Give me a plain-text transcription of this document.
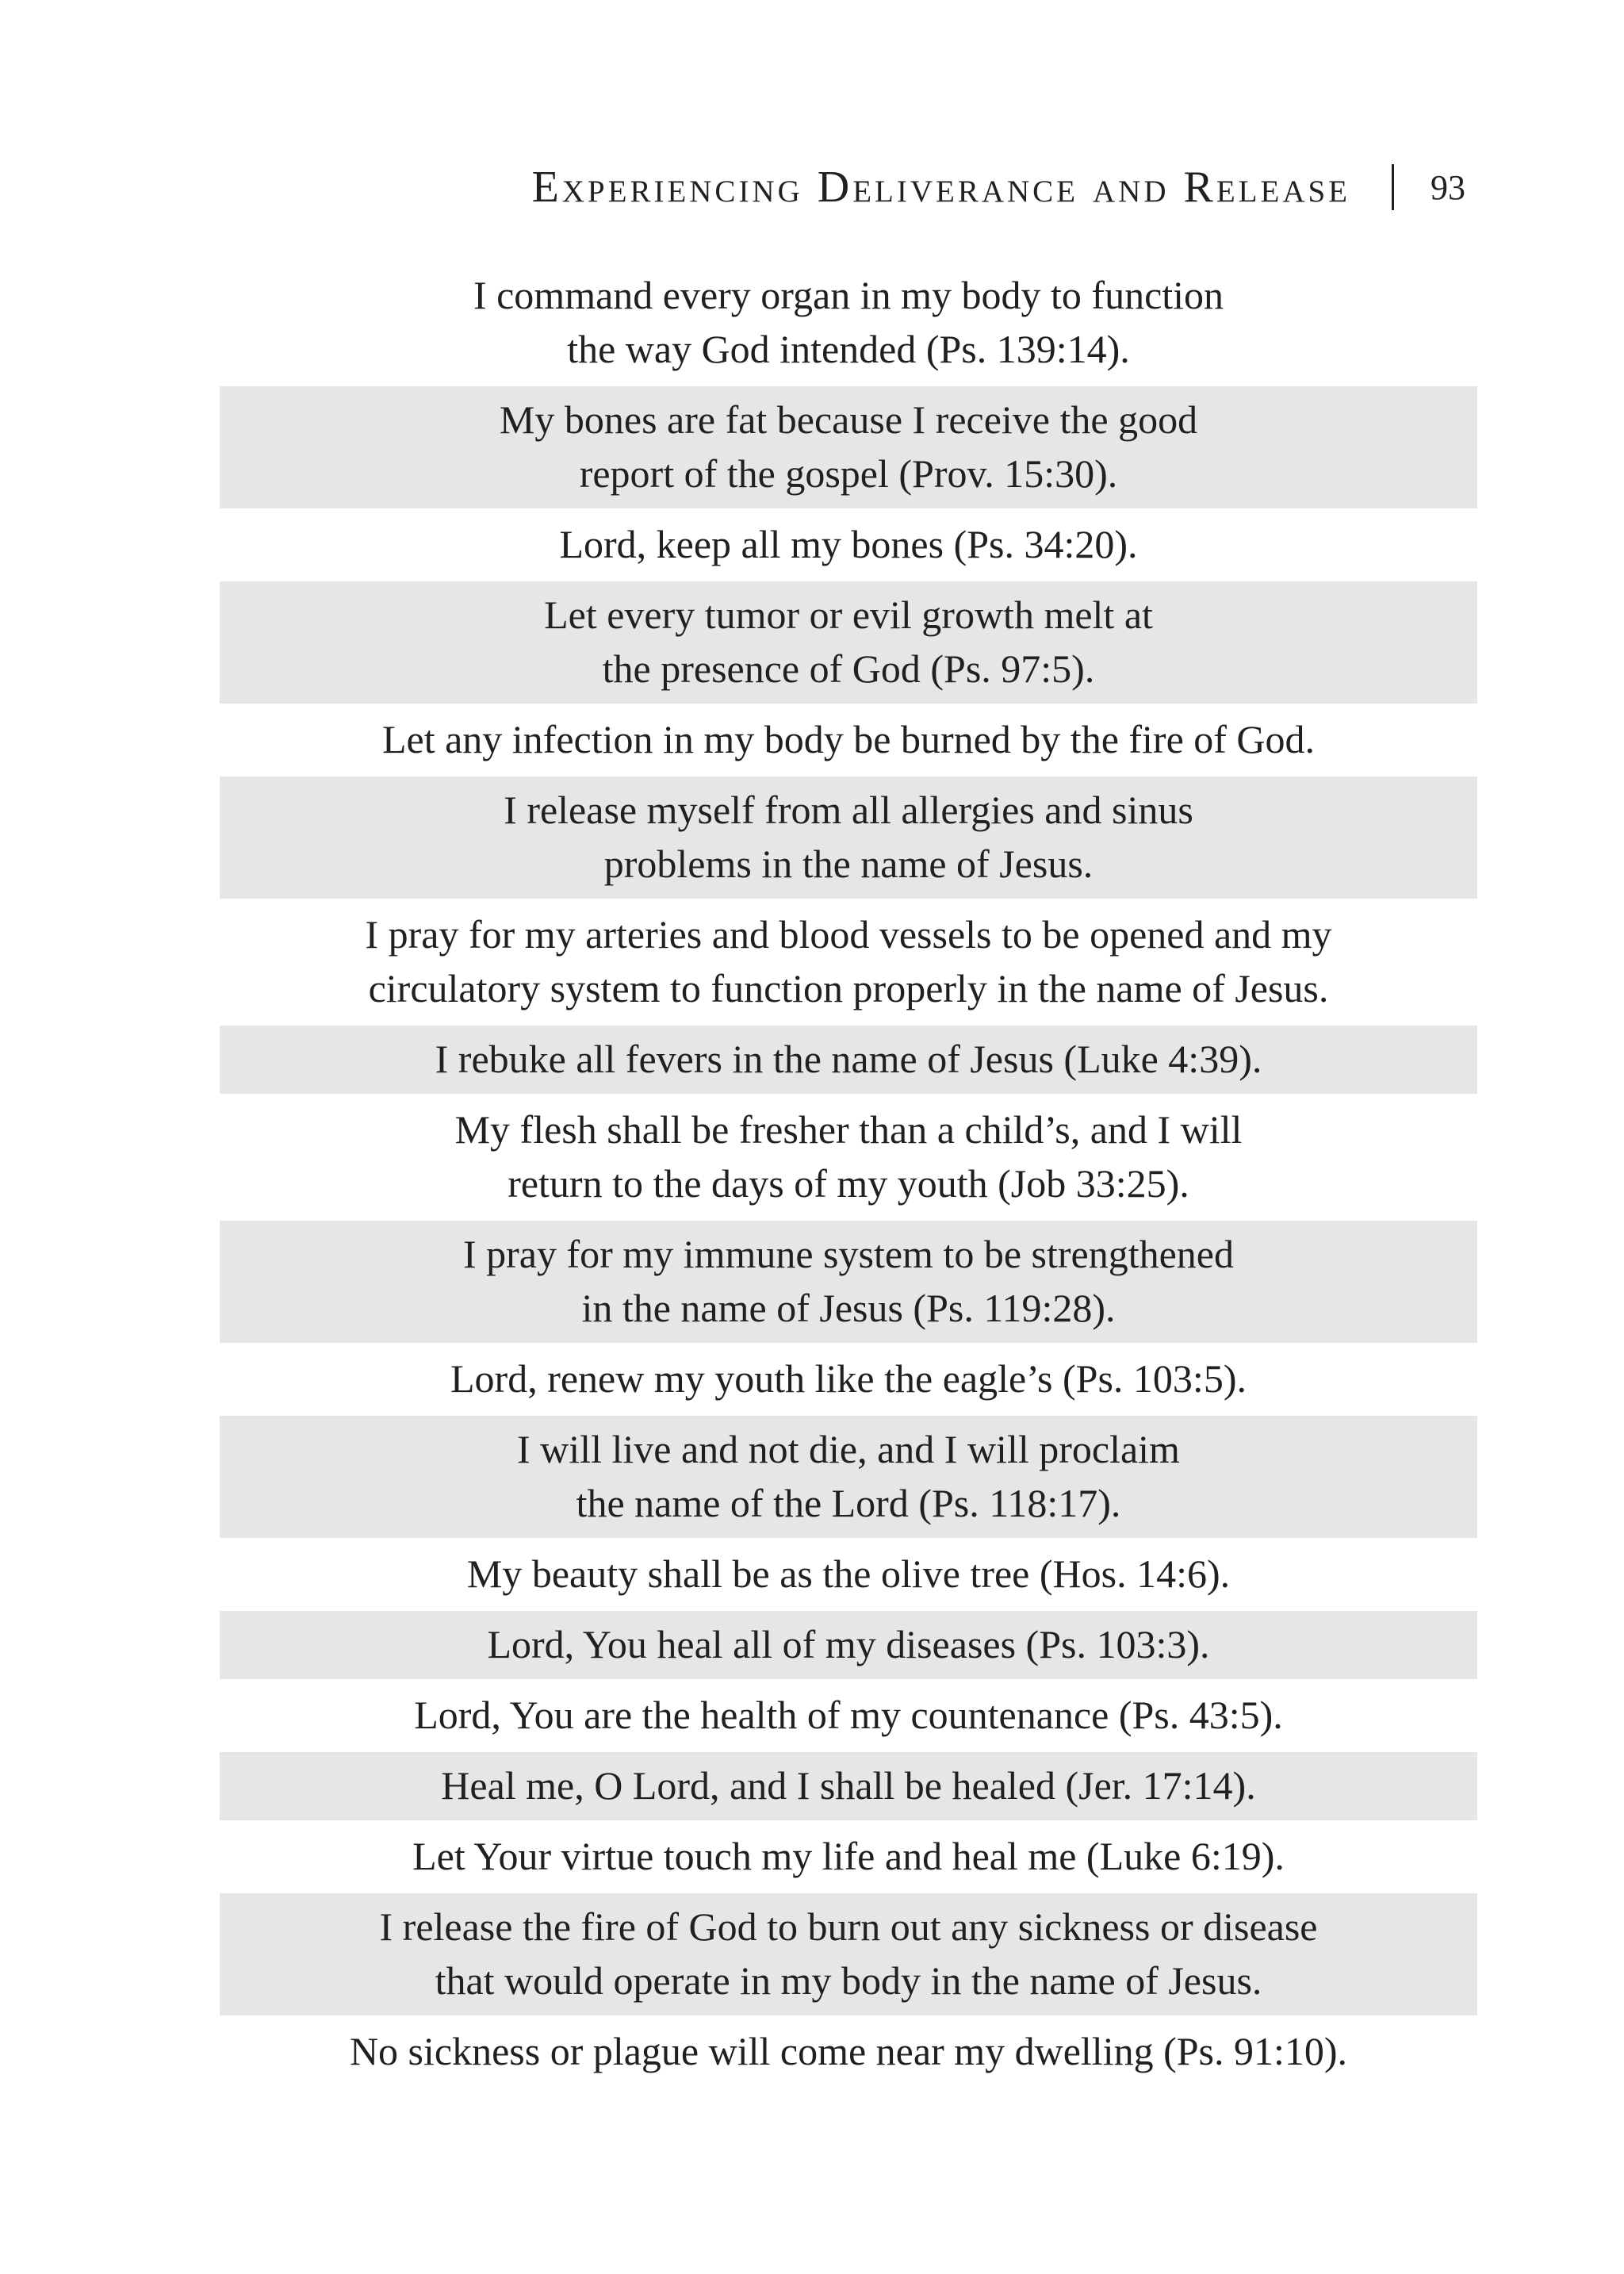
Experiencing Deliverance and Release 93
I command every organ in my body to function
the way God intended (Ps. 139:14).
My bones are fat because I receive the good
report of the gospel (Prov. 15:30).
Lord, keep all my bones (Ps. 34:20).
Let every tumor or evil growth melt at
the presence of God (Ps. 97:5).
Let any infection in my body be burned by the fire of God.
I release myself from all allergies and sinus
problems in the name of Jesus.
I pray for my arteries and blood vessels to be opened and my
circulatory system to function properly in the name of Jesus.
I rebuke all fevers in the name of Jesus (Luke 4:39).
My flesh shall be fresher than a child’s, and I will
return to the days of my youth (Job 33:25).
I pray for my immune system to be strengthened
in the name of Jesus (Ps. 119:28).
Lord, renew my youth like the eagle’s (Ps. 103:5).
I will live and not die, and I will proclaim
the name of the Lord (Ps. 118:17).
My beauty shall be as the olive tree (Hos. 14:6).
Lord, You heal all of my diseases (Ps. 103:3).
Lord, You are the health of my countenance (Ps. 43:5).
Heal me, O Lord, and I shall be healed (Jer. 17:14).
Let Your virtue touch my life and heal me (Luke 6:19).
I release the fire of God to burn out any sickness or disease
that would operate in my body in the name of Jesus.
No sickness or plague will come near my dwelling (Ps. 91:10).
